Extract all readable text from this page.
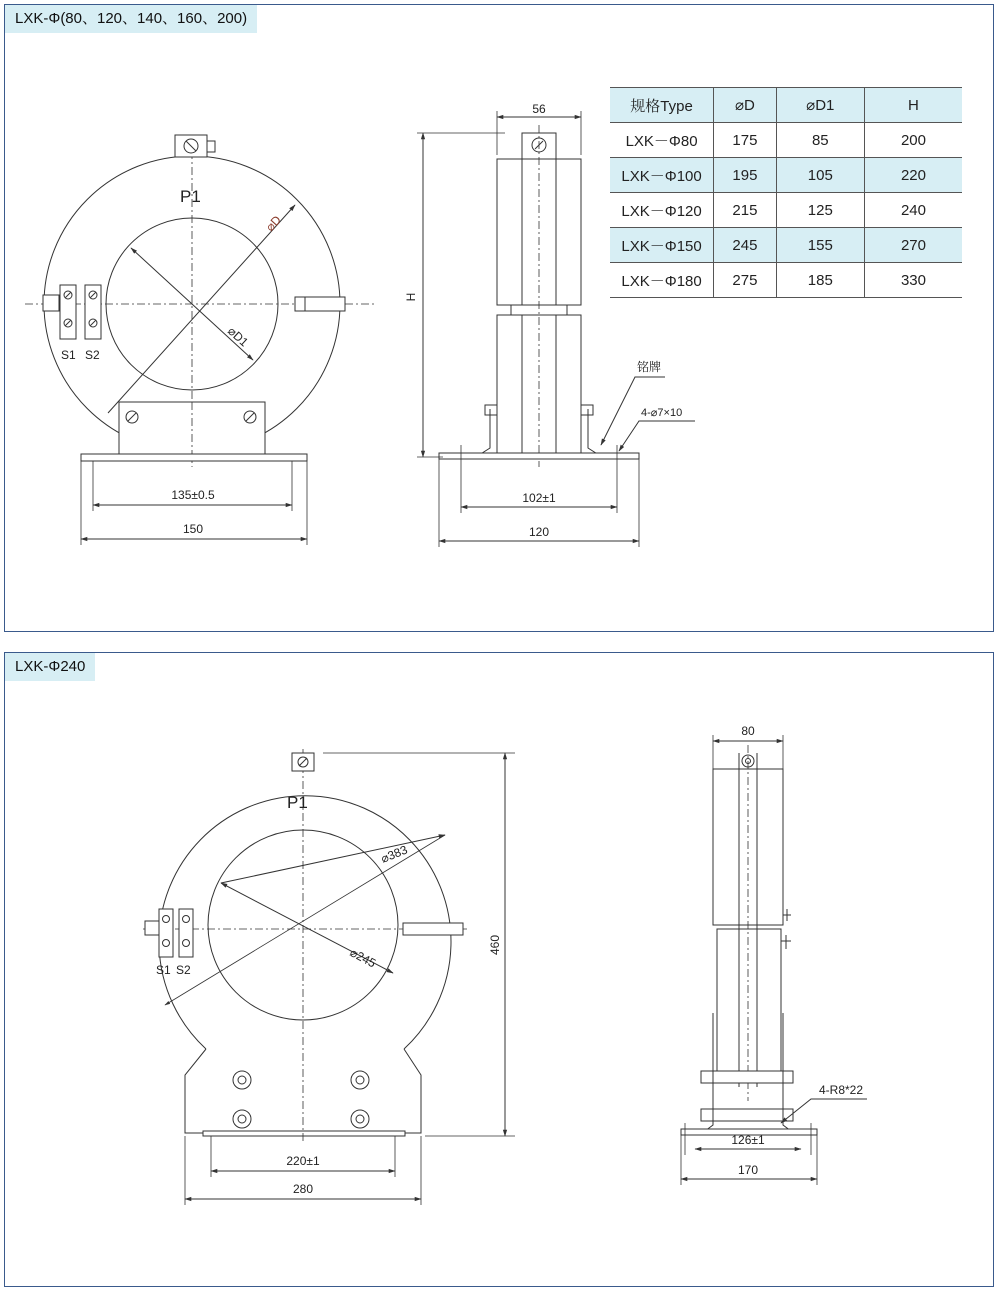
LXK-Φ(80、120、140、160、200)
P1
S1 S2
⌀D
⌀D1
135±0.5
150
56
H
铭牌
4-⌀7×10
102±1
120
规格Type	⌀D	⌀D1	H
LXK－Φ80	175	85	200
LXK－Φ100	195	105	220
LXK－Φ120	215	125	240
LXK－Φ150	245	155	270
LXK－Φ180	275	185	330
LXK-Φ240
P1
S1 S2
⌀383
⌀245
460
220±1
280
80
4-R8*22
126±1
170
